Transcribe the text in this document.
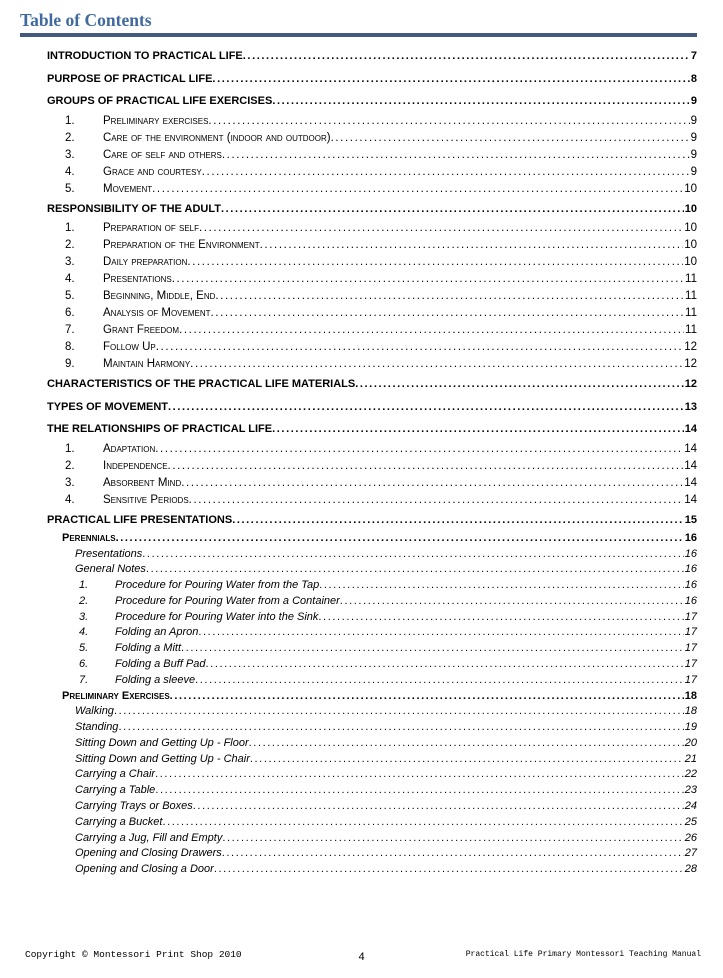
Table of Contents
INTRODUCTION TO PRACTICAL LIFE .....	7
PURPOSE OF PRACTICAL LIFE .....	8
GROUPS OF PRACTICAL LIFE EXERCISES .....	9
1.	Preliminary exercises .....	9
2.	Care of the environment (indoor and outdoor) .....	9
3.	Care of self and others .....	9
4.	Grace and courtesy .....	9
5.	Movement .....	10
RESPONSIBILITY OF THE ADULT .....	10
1.	Preparation of self .....	10
2.	Preparation of the Environment .....	10
3.	Daily preparation .....	10
4.	Presentations .....	11
5.	Beginning, Middle, End .....	11
6.	Analysis of Movement .....	11
7.	Grant Freedom .....	11
8.	Follow Up .....	12
9.	Maintain Harmony .....	12
CHARACTERISTICS OF THE PRACTICAL LIFE MATERIALS .....	12
TYPES OF MOVEMENT .....	13
THE RELATIONSHIPS OF PRACTICAL LIFE .....	14
1.	Adaptation .....	14
2.	Independence .....	14
3.	Absorbent Mind .....	14
4.	Sensitive Periods .....	14
PRACTICAL LIFE PRESENTATIONS .....	15
Perennials .....	16
Presentations .....	16
General Notes .....	16
1.	Procedure for Pouring Water from the Tap .....	16
2.	Procedure for Pouring Water from a Container .....	16
3.	Procedure for Pouring Water into the Sink .....	17
4.	Folding an Apron .....	17
5.	Folding a Mitt .....	17
6.	Folding a Buff Pad .....	17
7.	Folding a sleeve .....	17
Preliminary Exercises .....	18
Walking .....	18
Standing .....	19
Sitting Down and Getting Up - Floor .....	20
Sitting Down and Getting Up - Chair .....	21
Carrying a Chair .....	22
Carrying a Table .....	23
Carrying Trays or Boxes .....	24
Carrying a Bucket .....	25
Carrying a Jug, Fill and Empty .....	26
Opening and Closing Drawers .....	27
Opening and Closing a Door .....	28
Copyright © Montessori Print Shop 2010	4	Practical Life Primary Montessori Teaching Manual
